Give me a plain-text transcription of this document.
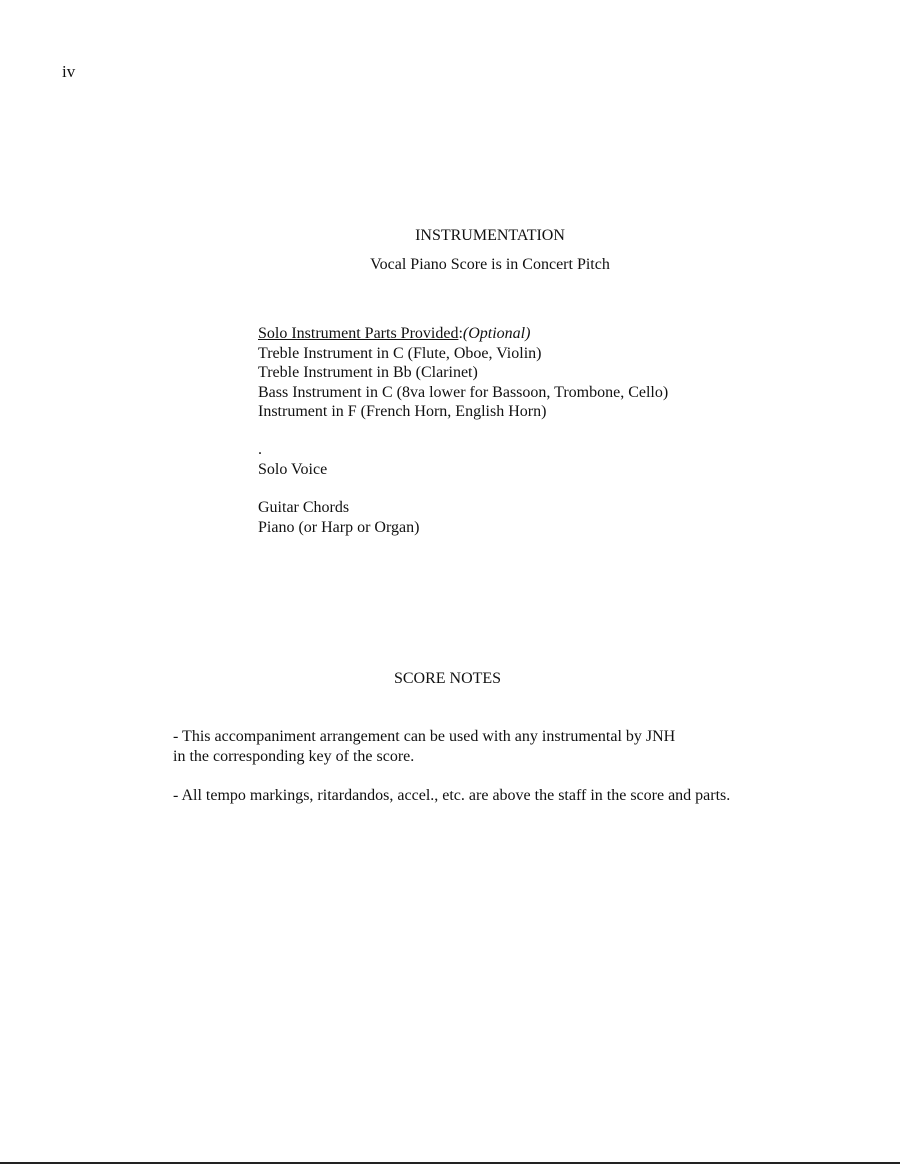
iv
INSTRUMENTATION
Vocal Piano Score is in Concert Pitch
Solo Instrument Parts Provided:(Optional)
Treble Instrument in C (Flute, Oboe, Violin)
Treble Instrument in Bb (Clarinet)
Bass Instrument in C (8va lower for Bassoon, Trombone, Cello)
Instrument in F (French Horn, English Horn)
.
Solo Voice
Guitar Chords
Piano (or Harp or Organ)
SCORE NOTES
- This accompaniment arrangement can be used with any instrumental by JNH
in the corresponding key of the score.
- All tempo markings, ritardandos, accel., etc. are above the staff in the score and parts.
